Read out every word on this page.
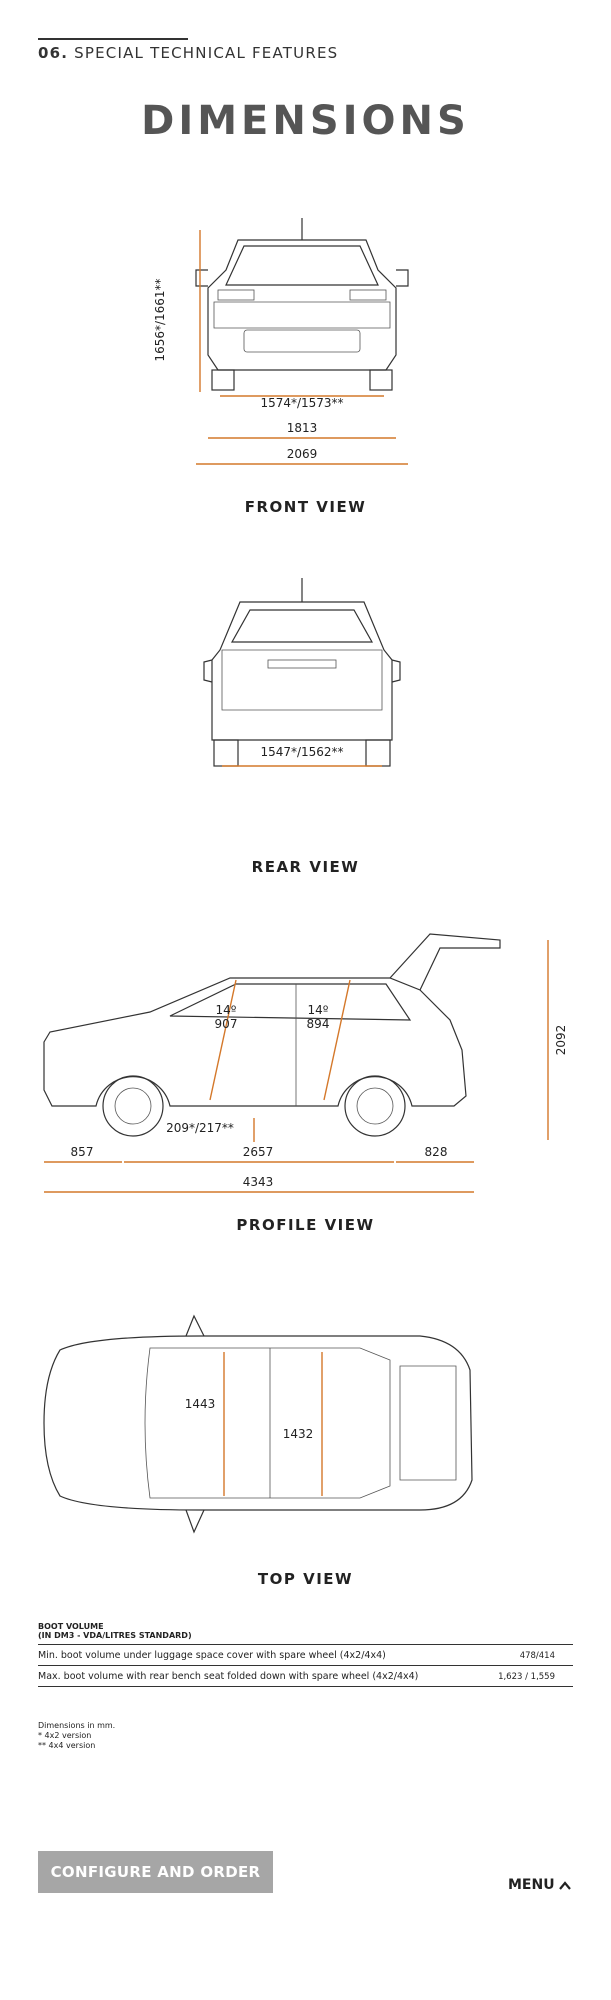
06. SPECIAL TECHNICAL FEATURES
DIMENSIONS
1656*/1661**
1574*/1573**
1813
2069
FRONT VIEW
1547*/1562**
REAR VIEW
14º
907
14º
894
209*/217**
857	2657	828
4343
2092
PROFILE VIEW
1443
1432
TOP VIEW
BOOT VOLUME
(IN DM3 - VDA/LITRES STANDARD)
Min. boot volume under luggage space cover with spare wheel (4x2/4x4)	478/414
Max. boot volume with rear bench seat folded down with spare wheel (4x2/4x4)	1,623 / 1,559
Dimensions in mm.
* 4x2 version
** 4x4 version
CONFIGURE AND ORDER
MENU
